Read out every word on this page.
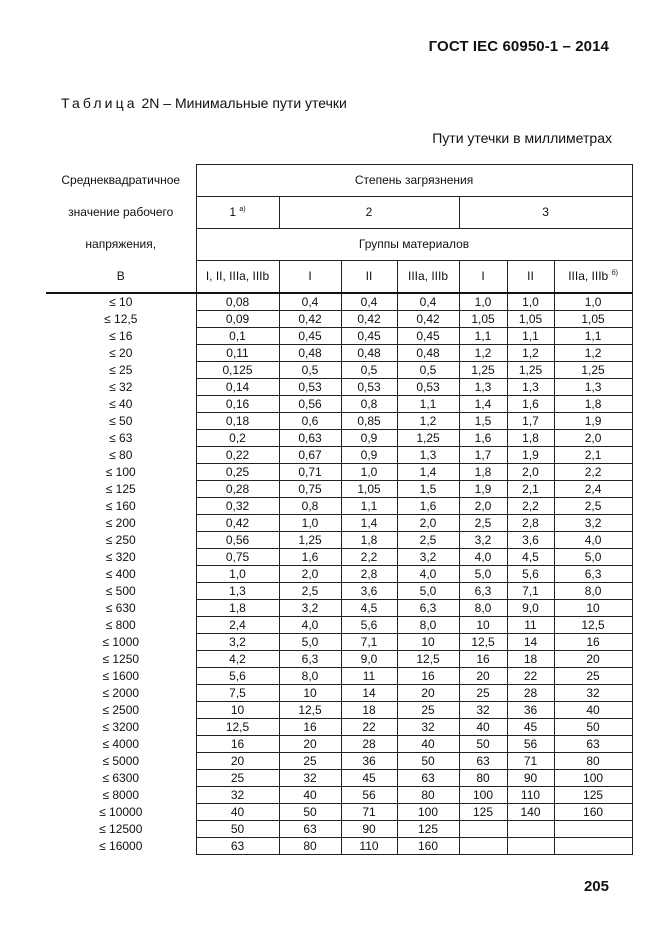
ГОСТ IEC 60950-1 – 2014
Таблица 2N – Минимальные пути утечки
Пути утечки в миллиметрах
Среднеквадратичное	Степень загрязнения						
значение рабочего	1 $^{а)}$	2			3		
напряжения,	Группы материалов						
В	I, II, IIIa, IIIb	I	II	IIIa, IIIb	I	II	IIIa, IIIb $^{б)}$
≤ 10	0,08	0,4	0,4	0,4	1,0	1,0	1,0
≤ 12,5	0,09	0,42	0,42	0,42	1,05	1,05	1,05
≤ 16	0,1	0,45	0,45	0,45	1,1	1,1	1,1
≤ 20	0,11	0,48	0,48	0,48	1,2	1,2	1,2
≤ 25	0,125	0,5	0,5	0,5	1,25	1,25	1,25
≤ 32	0,14	0,53	0,53	0,53	1,3	1,3	1,3
≤ 40	0,16	0,56	0,8	1,1	1,4	1,6	1,8
≤ 50	0,18	0,6	0,85	1,2	1,5	1,7	1,9
≤ 63	0,2	0,63	0,9	1,25	1,6	1,8	2,0
≤ 80	0,22	0,67	0,9	1,3	1,7	1,9	2,1
≤ 100	0,25	0,71	1,0	1,4	1,8	2,0	2,2
≤ 125	0,28	0,75	1,05	1,5	1,9	2,1	2,4
≤ 160	0,32	0,8	1,1	1,6	2,0	2,2	2,5
≤ 200	0,42	1,0	1,4	2,0	2,5	2,8	3,2
≤ 250	0,56	1,25	1,8	2,5	3,2	3,6	4,0
≤ 320	0,75	1,6	2,2	3,2	4,0	4,5	5,0
≤ 400	1,0	2,0	2,8	4,0	5,0	5,6	6,3
≤ 500	1,3	2,5	3,6	5,0	6,3	7,1	8,0
≤ 630	1,8	3,2	4,5	6,3	8,0	9,0	10
≤ 800	2,4	4,0	5,6	8,0	10	11	12,5
≤ 1000	3,2	5,0	7,1	10	12,5	14	16
≤ 1250	4,2	6,3	9,0	12,5	16	18	20
≤ 1600	5,6	8,0	11	16	20	22	25
≤ 2000	7,5	10	14	20	25	28	32
≤ 2500	10	12,5	18	25	32	36	40
≤ 3200	12,5	16	22	32	40	45	50
≤ 4000	16	20	28	40	50	56	63
≤ 5000	20	25	36	50	63	71	80
≤ 6300	25	32	45	63	80	90	100
≤ 8000	32	40	56	80	100	110	125
≤ 10000	40	50	71	100	125	140	160
≤ 12500	50	63	90	125			
≤ 16000	63	80	110	160			
205
